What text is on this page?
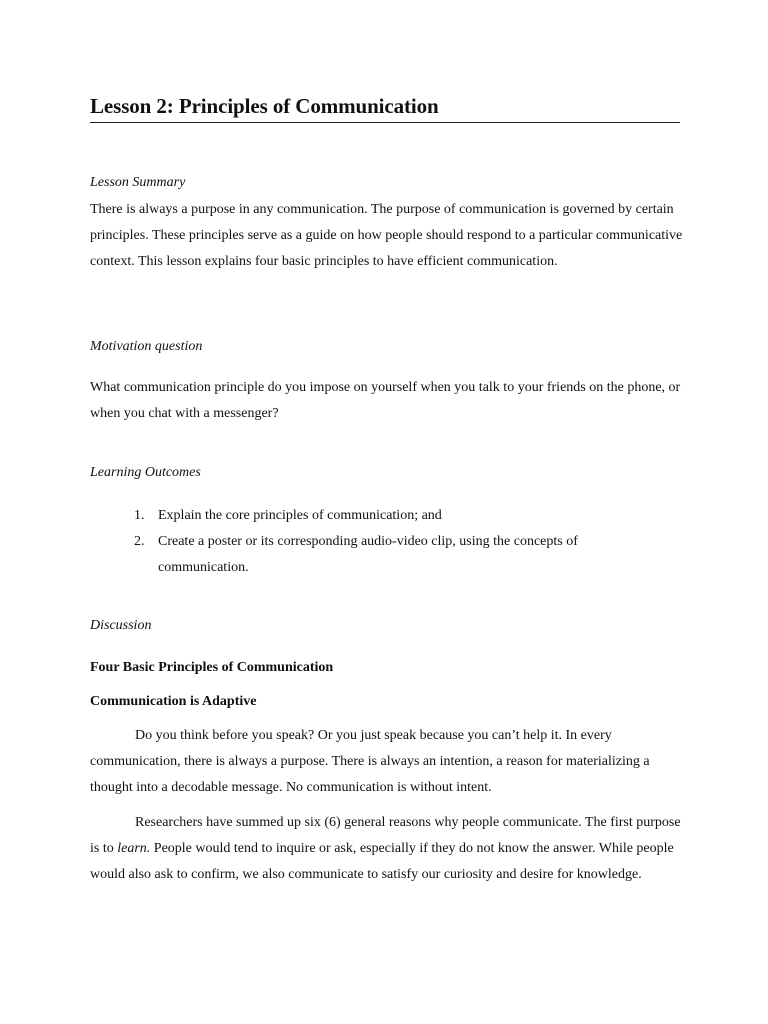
Lesson 2: Principles of Communication
Lesson Summary
There is always a purpose in any communication. The purpose of communication is governed by certain principles. These principles serve as a guide on how people should respond to a particular communicative context. This lesson explains four basic principles to have efficient communication.
Motivation question
What communication principle do you impose on yourself when you talk to your friends on the phone, or when you chat with a messenger?
Learning Outcomes
1. Explain the core principles of communication; and
2. Create a poster or its corresponding audio-video clip, using the concepts of communication.
Discussion
Four Basic Principles of Communication
Communication is Adaptive
Do you think before you speak? Or you just speak because you can’t help it. In every communication, there is always a purpose. There is always an intention, a reason for materializing a thought into a decodable message. No communication is without intent.
Researchers have summed up six (6) general reasons why people communicate. The first purpose is to learn. People would tend to inquire or ask, especially if they do not know the answer. While people would also ask to confirm, we also communicate to satisfy our curiosity and desire for knowledge.
